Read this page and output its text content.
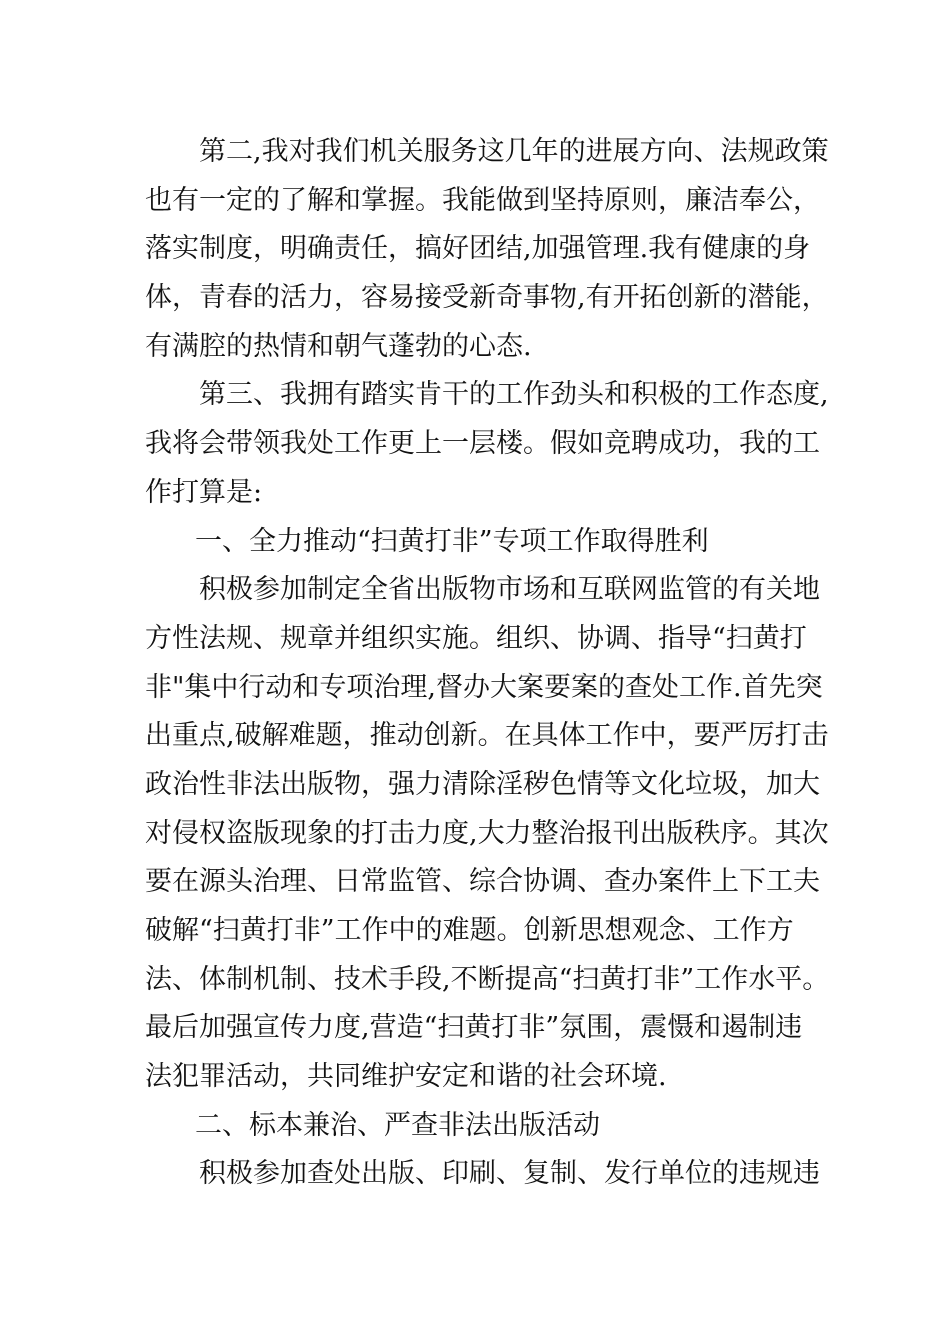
第二,我对我们机关服务这几年的进展方向、法规政策
也有一定的了解和掌握。我能做到坚持原则，廉洁奉公，
落实制度，明确责任，搞好团结,加强管理.我有健康的身
体，青春的活力，容易接受新奇事物,有开拓创新的潜能，
有满腔的热情和朝气蓬勃的心态.
第三、我拥有踏实肯干的工作劲头和积极的工作态度,
我将会带领我处工作更上一层楼。假如竞聘成功，我的工
作打算是:
一、全力推动“扫黄打非”专项工作取得胜利
积极参加制定全省出版物市场和互联网监管的有关地
方性法规、规章并组织实施。组织、协调、指导“扫黄打
非"集中行动和专项治理,督办大案要案的查处工作.首先突
出重点,破解难题，推动创新。在具体工作中，要严厉打击
政治性非法出版物，强力清除淫秽色情等文化垃圾，加大
对侵权盗版现象的打击力度,大力整治报刊出版秩序。其次
要在源头治理、日常监管、综合协调、查办案件上下工夫
破解“扫黄打非”工作中的难题。创新思想观念、工作方
法、体制机制、技术手段,不断提高“扫黄打非”工作水平。
最后加强宣传力度,营造“扫黄打非”氛围，震慑和遏制违
法犯罪活动，共同维护安定和谐的社会环境.
二、标本兼治、严查非法出版活动
积极参加查处出版、印刷、复制、发行单位的违规违
